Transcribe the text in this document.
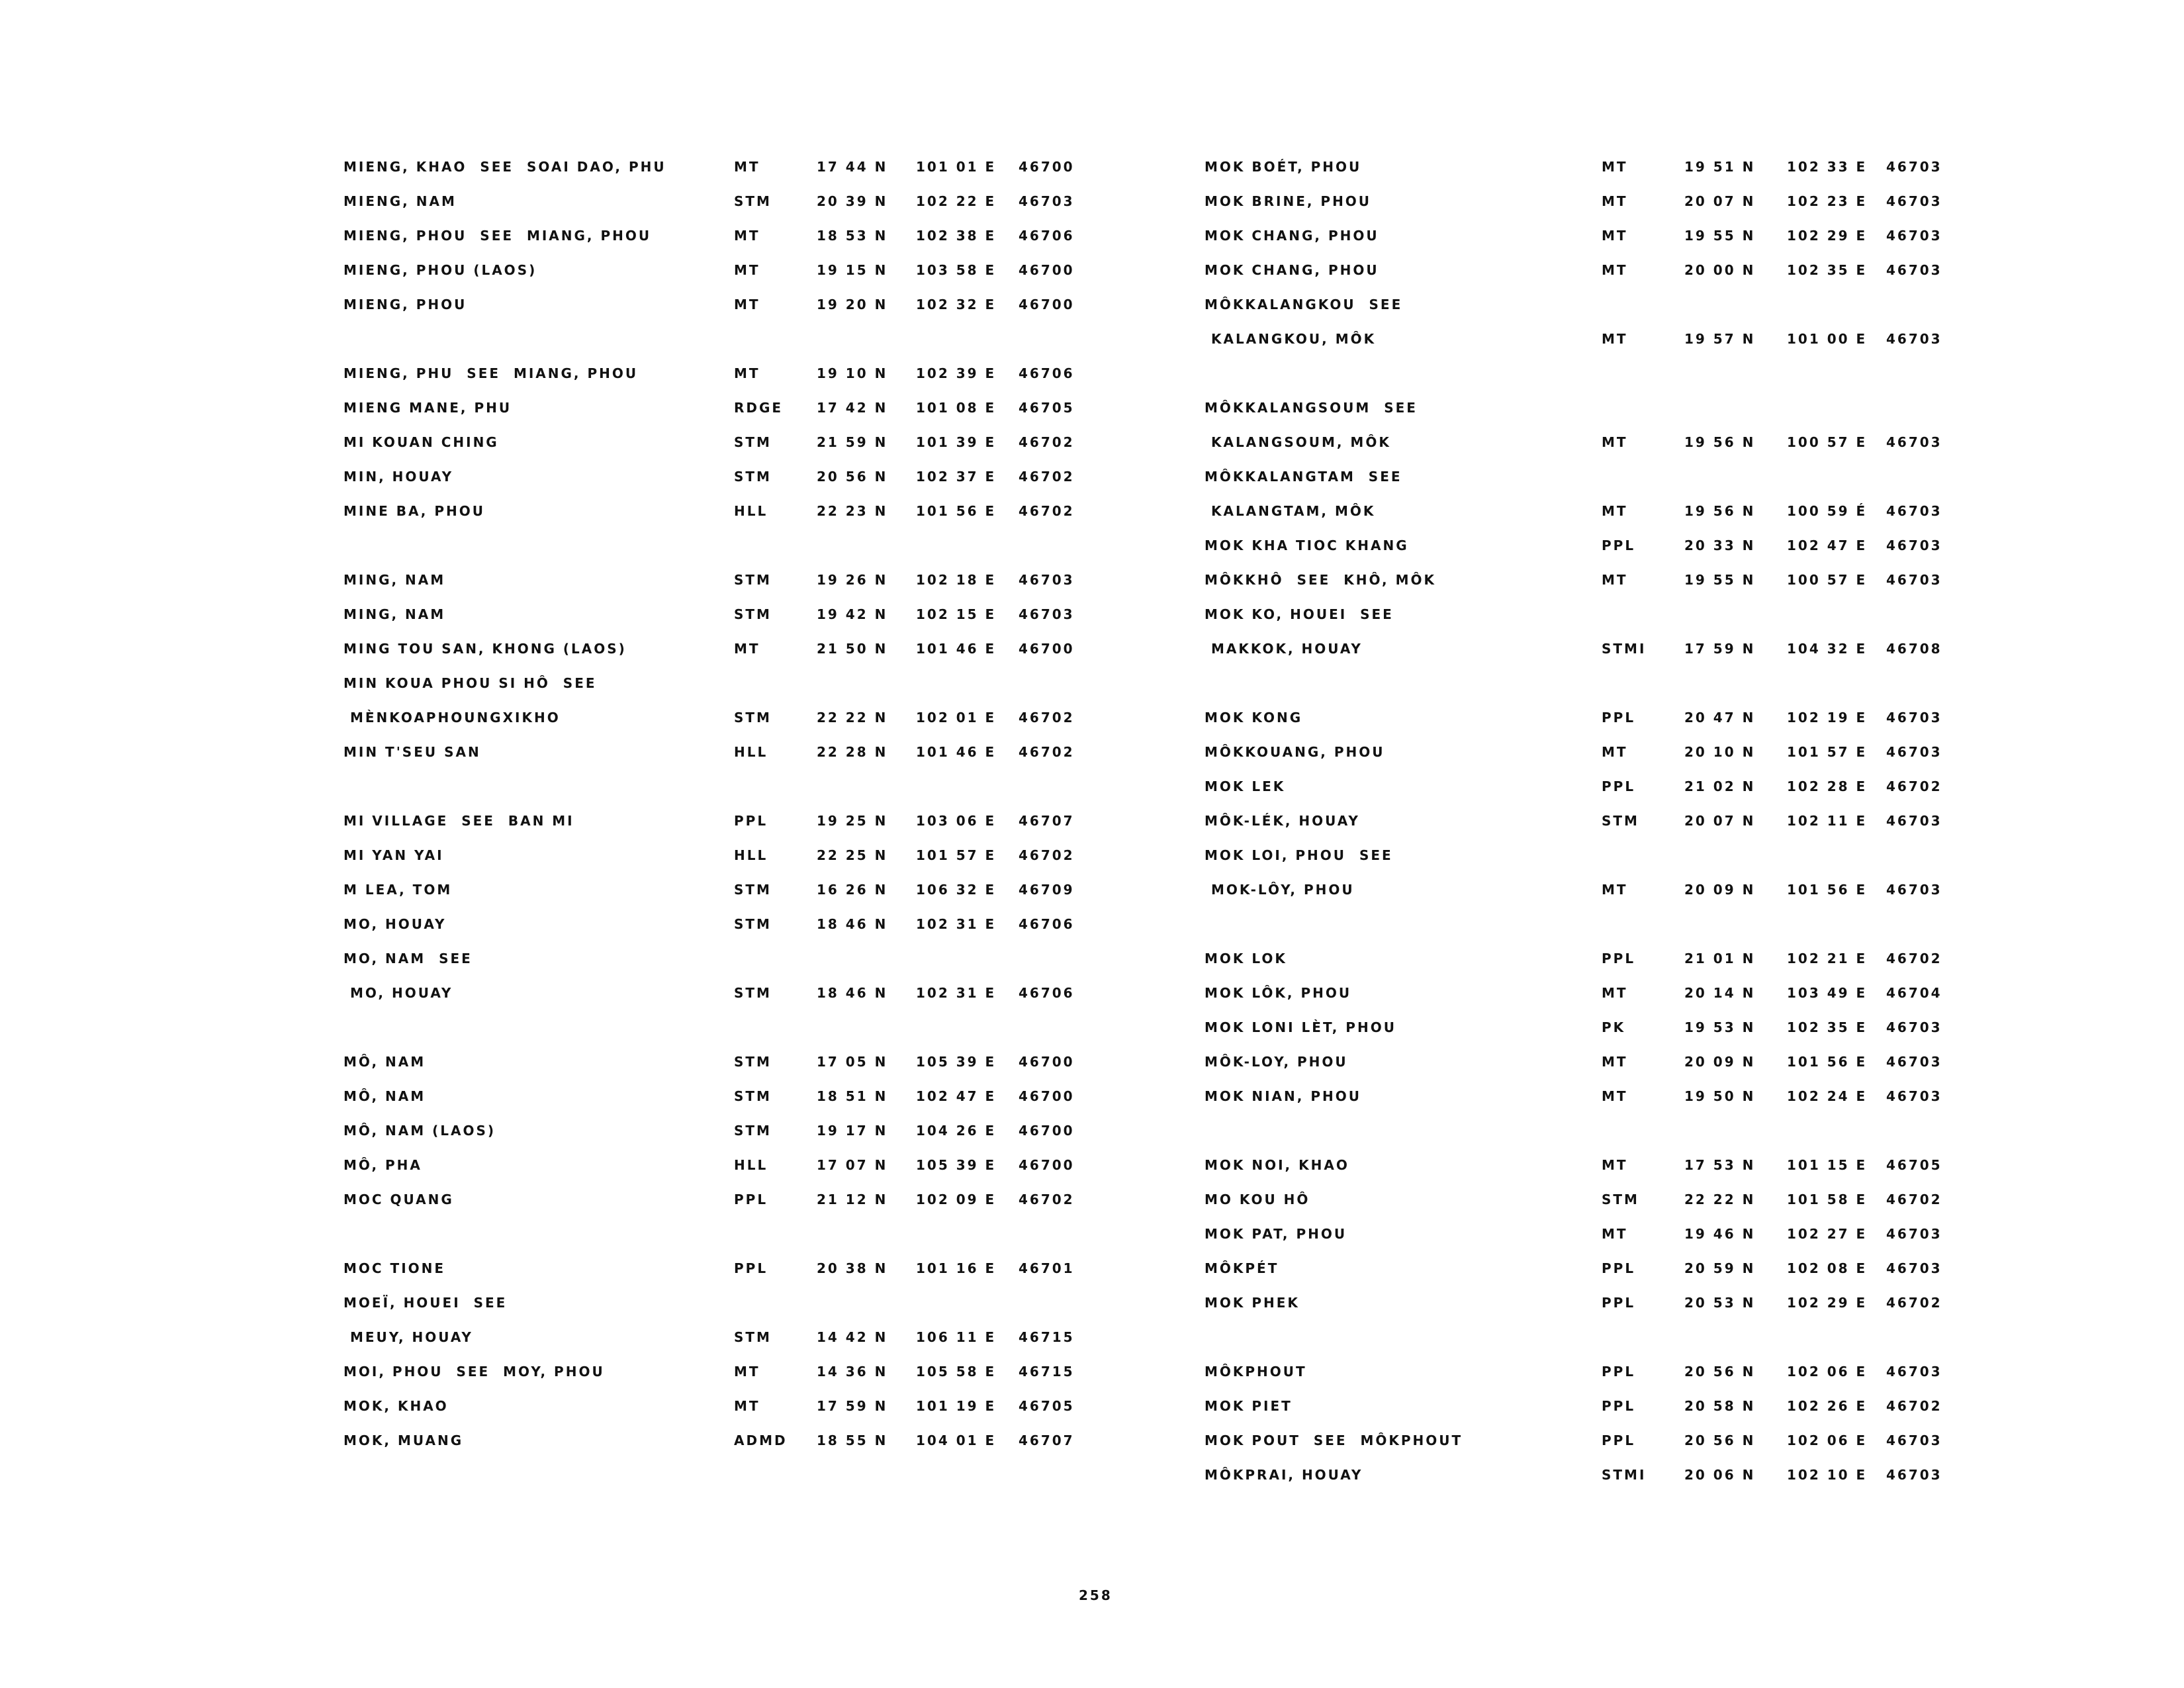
MIENG, KHAO  SEE  SOAI DAO, PHU	MT	17 44 N 101 01 E 46700
MIENG, NAM	STM	20 39 N 102 22 E 46703
MIENG, PHOU  SEE  MIANG, PHOU	MT	18 53 N 102 38 E 46706
MIENG, PHOU (LAOS)	MT	19 15 N 103 58 E 46700
MIENG, PHOU	MT	19 20 N 102 32 E 46700
MIENG, PHU  SEE  MIANG, PHOU	MT	19 10 N 102 39 E 46706
MIENG MANE, PHU	RDGE	17 42 N 101 08 E 46705
MI KOUAN CHING	STM	21 59 N 101 39 E 46702
MIN, HOUAY	STM	20 56 N 102 37 E 46702
MINE BA, PHOU	HLL	22 23 N 101 56 E 46702
MING, NAM	STM	19 26 N 102 18 E 46703
MING, NAM	STM	19 42 N 102 15 E 46703
MING TOU SAN, KHONG (LAOS)	MT	21 50 N 101 46 E 46700
MIN KOUA PHOU SI HÔ  SEE
MÈNKOAPHOUNGXIKHO	STM	22 22 N 102 01 E 46702
MIN T'SEU SAN	HLL	22 28 N 101 46 E 46702
MI VILLAGE  SEE  BAN MI	PPL	19 25 N 103 06 E 46707
MI YAN YAI	HLL	22 25 N 101 57 E 46702
M LEA, TOM	STM	16 26 N 106 32 E 46709
MO, HOUAY	STM	18 46 N 102 31 E 46706
MO, NAM  SEE
MO, HOUAY	STM	18 46 N 102 31 E 46706
MÔ, NAM	STM	17 05 N 105 39 E 46700
MÔ, NAM	STM	18 51 N 102 47 E 46700
MÔ, NAM (LAOS)	STM	19 17 N 104 26 E 46700
MÔ, PHA	HLL	17 07 N 105 39 E 46700
MOC QUANG	PPL	21 12 N 102 09 E 46702
MOC TIONE	PPL	20 38 N 101 16 E 46701
MOEÏ, HOUEI  SEE
MEUY, HOUAY	STM	14 42 N 106 11 E 46715
MOI, PHOU  SEE  MOY, PHOU	MT	14 36 N 105 58 E 46715
MOK, KHAO	MT	17 59 N 101 19 E 46705
MOK, MUANG	ADMD 18 55 N 104 01 E 46707
MOK BOÉT, PHOU	MT	19 51 N 102 33 E 46703
MOK BRINE, PHOU	MT	20 07 N 102 23 E 46703
MOK CHANG, PHOU	MT	19 55 N 102 29 E 46703
MOK CHANG, PHOU	MT	20 00 N 102 35 E 46703
MÔKKALANGKOU  SEE
KALANGKOU, MÔK	MT	19 57 N 101 00 E 46703
MÔKKALANGSOUM  SEE
KALANGSOUM, MÔK	MT	19 56 N 100 57 E 46703
MÔKKALANGTAM  SEE
KALANGTAM, MÔK	MT	19 56 N 100 59 É 46703
MOK KHA TIOC KHANG	PPL	20 33 N 102 47 E 46703
MÔKKHÔ  SEE  KHÔ, MÔK	MT	19 55 N 100 57 E 46703
MOK KO, HOUEI  SEE
MAKKOK, HOUAY	STMI	17 59 N 104 32 E 46708
MOK KONG	PPL	20 47 N 102 19 E 46703
MÔKKOUANG, PHOU	MT	20 10 N 101 57 E 46703
MOK LEK	PPL	21 02 N 102 28 E 46702
MÔK-LÉK, HOUAY	STM	20 07 N 102 11 E 46703
MOK LOI, PHOU  SEE
MOK-LÔY, PHOU	MT	20 09 N 101 56 E 46703
MOK LOK	PPL	21 01 N 102 21 E 46702
MOK LÔK, PHOU	MT	20 14 N 103 49 E 46704
MOK LONI LÈT, PHOU	PK	19 53 N 102 35 E 46703
MÔK-LOY, PHOU	MT	20 09 N 101 56 E 46703
MOK NIAN, PHOU	MT	19 50 N 102 24 E 46703
MOK NOI, KHAO	MT	17 53 N 101 15 E 46705
MO KOU HÔ	STM	22 22 N 101 58 E 46702
MOK PAT, PHOU	MT	19 46 N 102 27 E 46703
MÔKPÉT	PPL	20 59 N 102 08 E 46703
MOK PHEK	PPL	20 53 N 102 29 E 46702
MÔKPHOUT	PPL	20 56 N 102 06 E 46703
MOK PIET	PPL	20 58 N 102 26 E 46702
MOK POUT  SEE  MÔKPHOUT	PPL	20 56 N 102 06 E 46703
MÔKPRAI, HOUAY	STMI	20 06 N 102 10 E 46703
258
